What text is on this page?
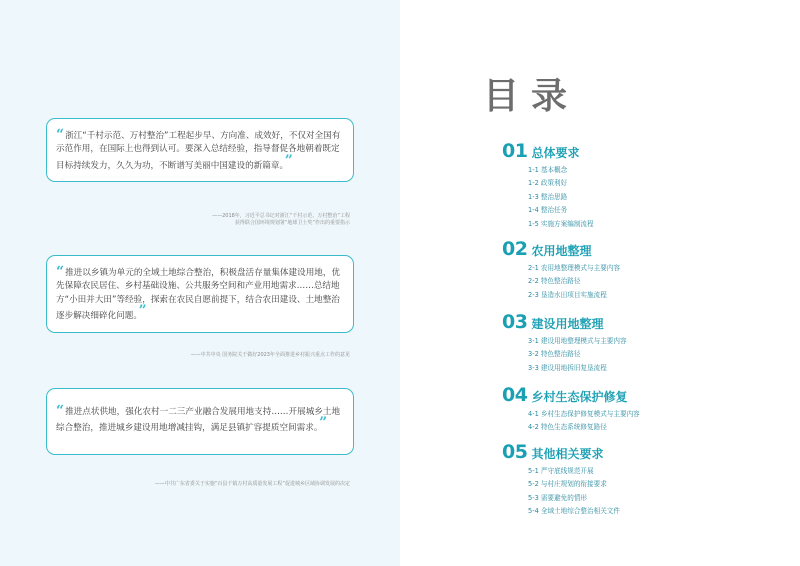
“浙江“千村示范、万村整治”工程起步早、方向准、成效好，不仅对全国有示范作用，在国际上也得到认可。要深入总结经验，指导督促各地朝着既定目标持续发力，久久为功，不断谱写美丽中国建设的新篇章。”

——2018年，习近平总书记对浙江“千村示范、万村整治”工程
获得联合国环境规划署“地球卫士奖”作出的重要指示

“推进以乡镇为单元的全域土地综合整治，积极盘活存量集体建设用地，优先保障农民居住、乡村基础设施、公共服务空间和产业用地需求……总结地方“小田并大田”等经验，探索在农民自愿前提下，结合农田建设、土地整治逐步解决细碎化问题。”

——中共中央 国务院关于做好2023年全面推进乡村振兴重点工作的意见

“推进点状供地，强化农村一二三产业融合发展用地支持……开展城乡土地综合整治，推进城乡建设用地增减挂钩，满足县镇扩容提质空间需求。”

——中共广东省委关于实施“百县千镇万村高质量发展工程”促进城乡区域协调发展的决定
目录
01 总体要求
1-1 基本概念
1-2 政策利好
1-3 整治思路
1-4 整治任务
1-5 实施方案编制流程
02 农用地整理
2-1 农用地整理模式与主要内容
2-2 特色整治路径
2-3 垦造水田项目实施流程
03 建设用地整理
3-1 建设用地整理模式与主要内容
3-2 特色整治路径
3-3 建设用地拆旧复垦流程
04 乡村生态保护修复
4-1 乡村生态保护修复模式与主要内容
4-2 特色生态系统修复路径
05 其他相关要求
5-1 严守底线规范开展
5-2 与村庄规划的衔接要求
5-3 需要避免的情形
5-4 全域土地综合整治相关文件
